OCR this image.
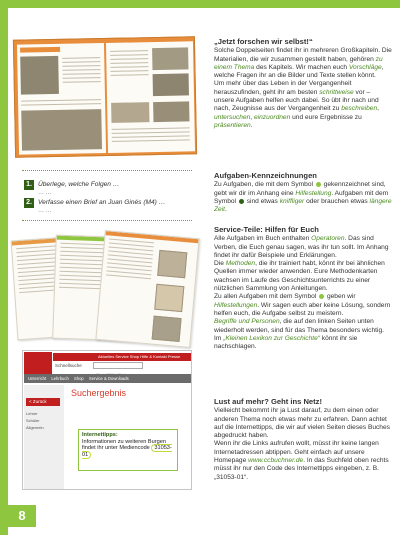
„Jetzt forschen wir selbst!“

Solche Doppelseiten findet ihr in mehreren Großkapiteln. Die Materialien, die wir zusammen gestellt haben, gehören zu einem Thema des Kapitels. Wir machen euch Vorschläge, welche Fragen ihr an die Bilder und Texte stellen könnt.

Um mehr über das Leben in der Vergangenheit herauszufinden, geht ihr am besten schrittweise vor – unsere Aufgaben helfen euch dabei. So übt ihr nach und nach, Zeugnisse aus der Vergangenheit zu beschreiben, untersuchen, einzuordnen und eure Ergebnisse zu präsentieren.

1. Überlege, welche Folgen …
… …
2. Verfasse einen Brief an Juan Ginés (M4) …
… …
Aufgaben-Kennzeichnungen

Zu Aufgaben, die mit dem Symbol gekennzeichnet sind, gebt wir dir im Anhang eine Hilfestellung. Aufgaben mit dem Symbol sind etwas kniffliger oder brauchen etwas längere Zeit.

Service-Teile: Hilfen für Euch

Alle Aufgaben im Buch enthalten Operatoren. Das sind Verben, die Euch genau sagen, was ihr tun sollt. Im Anhang findet ihr dafür Beispiele und Erklärungen.

Die Methoden, die ihr trainiert habt, könnt ihr bei ähnlichen Quellen immer wieder anwenden. Eure Methodenkarten wachsen im Laufe des Geschichtsunterrichts zu einer nützlichen Sammlung von Anleitungen.

Zu allen Aufgaben mit dem Symbol geben wir Hilfestellungen. Wir sagen euch aber keine Lösung, sondern helfen euch, die Aufgabe selbst zu meistern.

Begriffe und Personen, die auf den linken Seiten unten wiederholt werden, sind für das Thema besonders wichtig. Im „Kleinen Lexikon zur Geschichte“ könnt ihr sie nachschlagen.

Aktuelles Service Shop Hilfe & Kontakt Presse
Schnellsuche
Unterricht Lehrbuch Shop Service & Downloads
< Zurück
Lehrer
Schüler
Allgemein
Suchergebnis
Internettipps:
Informationen zu weiteren Burgen findet ihr unter Mediencode 31053-01
Lust auf mehr? Geht ins Netz!

Vielleicht bekommt ihr ja Lust darauf, zu dem einen oder anderen Thema noch etwas mehr zu erfahren. Dann achtet auf die Internettipps, die wir auf vielen Seiten dieses Buches abgedruckt haben.

Wenn ihr die Links aufrufen wollt, müsst ihr keine langen Internetadressen abtippen. Geht einfach auf unsere Homepage www.ccbuchner.de. In das Suchfeld oben rechts müsst ihr nur den Code des Internettipps eingeben, z. B. „31053-01“.

8
